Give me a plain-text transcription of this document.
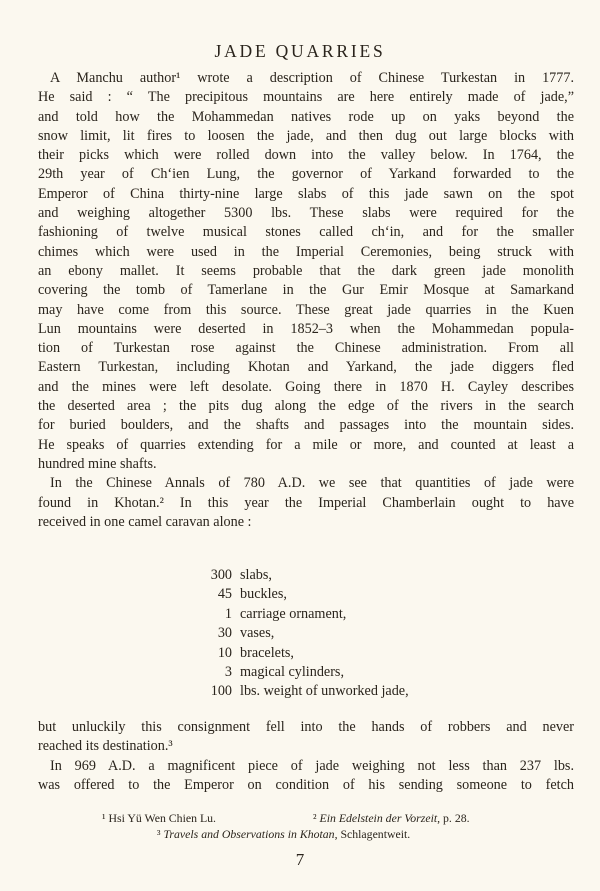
JADE QUARRIES
A Manchu author¹ wrote a description of Chinese Turkestan in 1777.
He said : “ The precipitous mountains are here entirely made of jade,”
and told how the Mohammedan natives rode up on yaks beyond the
snow limit, lit fires to loosen the jade, and then dug out large blocks with
their picks which were rolled down into the valley below. In 1764, the
29th year of Ch‘ien Lung, the governor of Yarkand forwarded to the
Emperor of China thirty-nine large slabs of this jade sawn on the spot
and weighing altogether 5300 lbs. These slabs were required for the
fashioning of twelve musical stones called ch‘in, and for the smaller
chimes which were used in the Imperial Ceremonies, being struck with
an ebony mallet. It seems probable that the dark green jade monolith
covering the tomb of Tamerlane in the Gur Emir Mosque at Samarkand
may have come from this source. These great jade quarries in the Kuen
Lun mountains were deserted in 1852–3 when the Mohammedan popula-
tion of Turkestan rose against the Chinese administration. From all
Eastern Turkestan, including Khotan and Yarkand, the jade diggers fled
and the mines were left desolate. Going there in 1870 H. Cayley describes
the deserted area ; the pits dug along the edge of the rivers in the search
for buried boulders, and the shafts and passages into the mountain sides.
He speaks of quarries extending for a mile or more, and counted at least a
hundred mine shafts.
In the Chinese Annals of 780 A.D. we see that quantities of jade were
found in Khotan.² In this year the Imperial Chamberlain ought to have
received in one camel caravan alone :
300 slabs,
45 buckles,
1 carriage ornament,
30 vases,
10 bracelets,
3 magical cylinders,
100 lbs. weight of unworked jade,
but unluckily this consignment fell into the hands of robbers and never
reached its destination.³
In 969 A.D. a magnificent piece of jade weighing not less than 237 lbs.
was offered to the Emperor on condition of his sending someone to fetch
¹ Hsi Yü Wen Chien Lu.	² Ein Edelstein der Vorzeit, p. 28.
³ Travels and Observations in Khotan, Schlagentweit.
7
